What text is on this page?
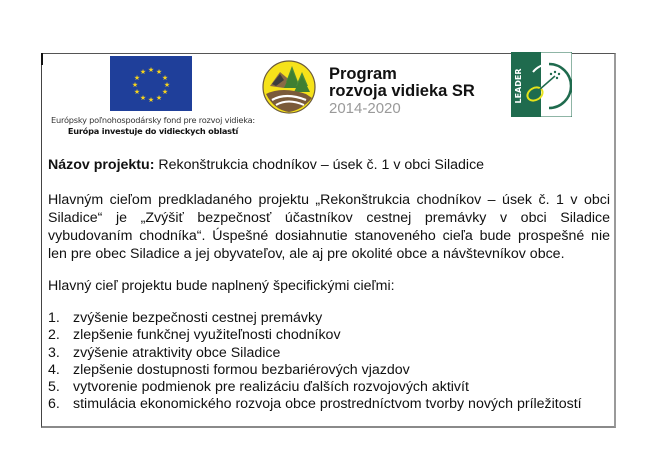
★ ★
★
★
★
★
★
★
★
★
★
★
Európsky poľnohospodársky fond pre rozvoj vidieka:
Európa investuje do vidieckych oblastí
Program
rozvoja vidieka SR
2014-2020
LEADER
Názov projektu: Rekonštrukcia chodníkov – úsek č. 1 v obci Siladice
Hlavným cieľom predkladaného projektu „Rekonštrukcia chodníkov – úsek č. 1 v obci
Siladice“ je „Zvýšiť bezpečnosť účastníkov cestnej premávky v obci Siladice
vybudovaním chodníka“. Úspešné dosiahnutie stanoveného cieľa bude prospešné nie
len pre obec Siladice a jej obyvateľov, ale aj pre okolité obce a návštevníkov obce.
Hlavný cieľ projektu bude naplnený špecifickými cieľmi:
1. zvýšenie bezpečnosti cestnej premávky
2. zlepšenie funkčnej využiteľnosti chodníkov
3. zvýšenie atraktivity obce Siladice
4. zlepšenie dostupnosti formou bezbariérových vjazdov
5. vytvorenie podmienok pre realizáciu ďalších rozvojových aktivít
6. stimulácia ekonomického rozvoja obce prostredníctvom tvorby nových príležitostí
